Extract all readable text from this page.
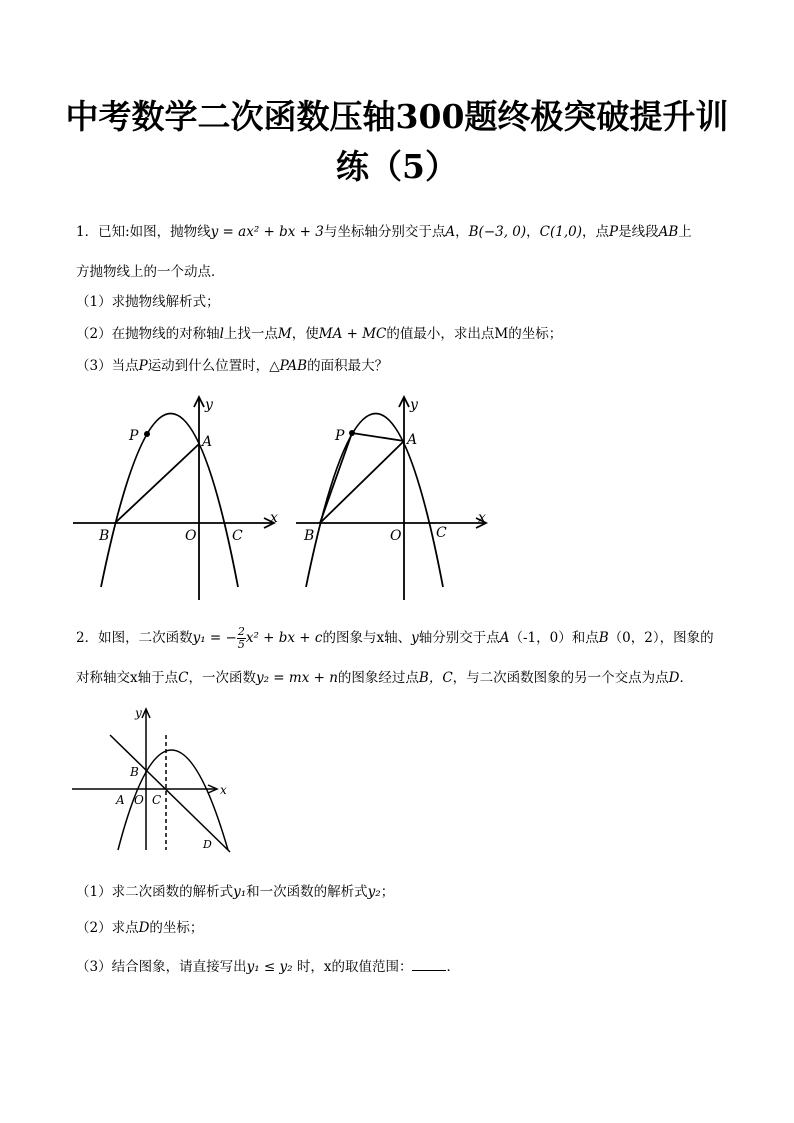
中考数学二次函数压轴300题终极突破提升训
练（5）
1．已知:如图，抛物线y = ax² + bx + 3与坐标轴分别交于点A，B(−3, 0)，C(1,0)，点P是线段AB上
方抛物线上的一个动点．
（1）求抛物线解析式；
（2）在抛物线的对称轴l上找一点M，使MA + MC的值最小，求出点M的坐标；
（3）当点P运动到什么位置时，△PAB的面积最大？
y
P	A
x
B	O	C
y
P	A
x
B	O C
2．如图，二次函数y₁ = − $\frac{2}{5} x^2$ + bx + c的图象与x轴、y轴分别交于点A（-1，0）和点B（0，2），图象的
对称轴交x轴于点C，一次函数y₂ = mx + n的图象经过点B，C，与二次函数图象的另一个交点为点D．
y
B
x
A O C
D
（1）求二次函数的解析式y₁和一次函数的解析式y₂；
（2）求点D的坐标；
（3）结合图象，请直接写出y₁ ≤ y₂ 时，x的取值范围：	．
